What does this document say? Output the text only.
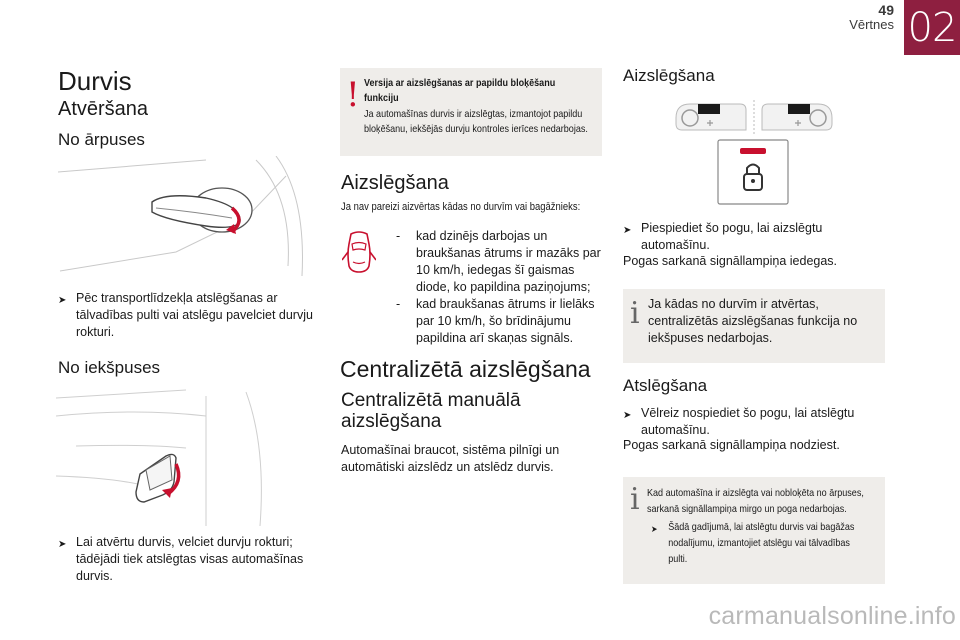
49
Vērtnes 02
Durvis
Atvēršana
No ārpuses
➤ Pēc transportlīdzekļa atslēgšanas ar tālvadības pulti vai atslēgu pavelciet durvju rokturi.
No iekšpuses
➤ Lai atvērtu durvis, velciet durvju rokturi; tādējādi tiek atslēgtas visas automašīnas durvis.
! Versija ar aizslēgšanas ar papildu bloķēšanu funkciju
Ja automašīnas durvis ir aizslēgtas, izmantojot papildu bloķēšanu, iekšējās durvju kontroles ierīces nedarbojas.
Aizslēgšana
Ja nav pareizi aizvērtas kādas no durvīm vai bagāžnieks:
-	kad dzinējs darbojas un braukšanas ātrums ir mazāks par 10 km/h, iedegas šī gaismas diode, ko papildina paziņojums;
-	kad braukšanas ātrums ir lielāks par 10 km/h, šo brīdinājumu papildina arī skaņas signāls.
Centralizētā aizslēgšana
Centralizētā manuālā aizslēgšana
Automašīnai braucot, sistēma pilnīgi un automātiski aizslēdz un atslēdz durvis.
Aizslēgšana
➤ Piespiediet šo pogu, lai aizslēgtu automašīnu.
Pogas sarkanā signāllampiņa iedegas.
i Ja kādas no durvīm ir atvērtas, centralizētās aizslēgšanas funkcija no iekšpuses nedarbojas.
Atslēgšana
➤ Vēlreiz nospiediet šo pogu, lai atslēgtu automašīnu.
Pogas sarkanā signāllampiņa nodziest.
i Kad automašīna ir aizslēgta vai nobloķēta no ārpuses, sarkanā signāllampiņa mirgo un poga nedarbojas.
➤	Šādā gadījumā, lai atslēgtu durvis vai bagāžas nodalījumu, izmantojiet atslēgu vai tālvadības pulti.
carmanualsonline.info
